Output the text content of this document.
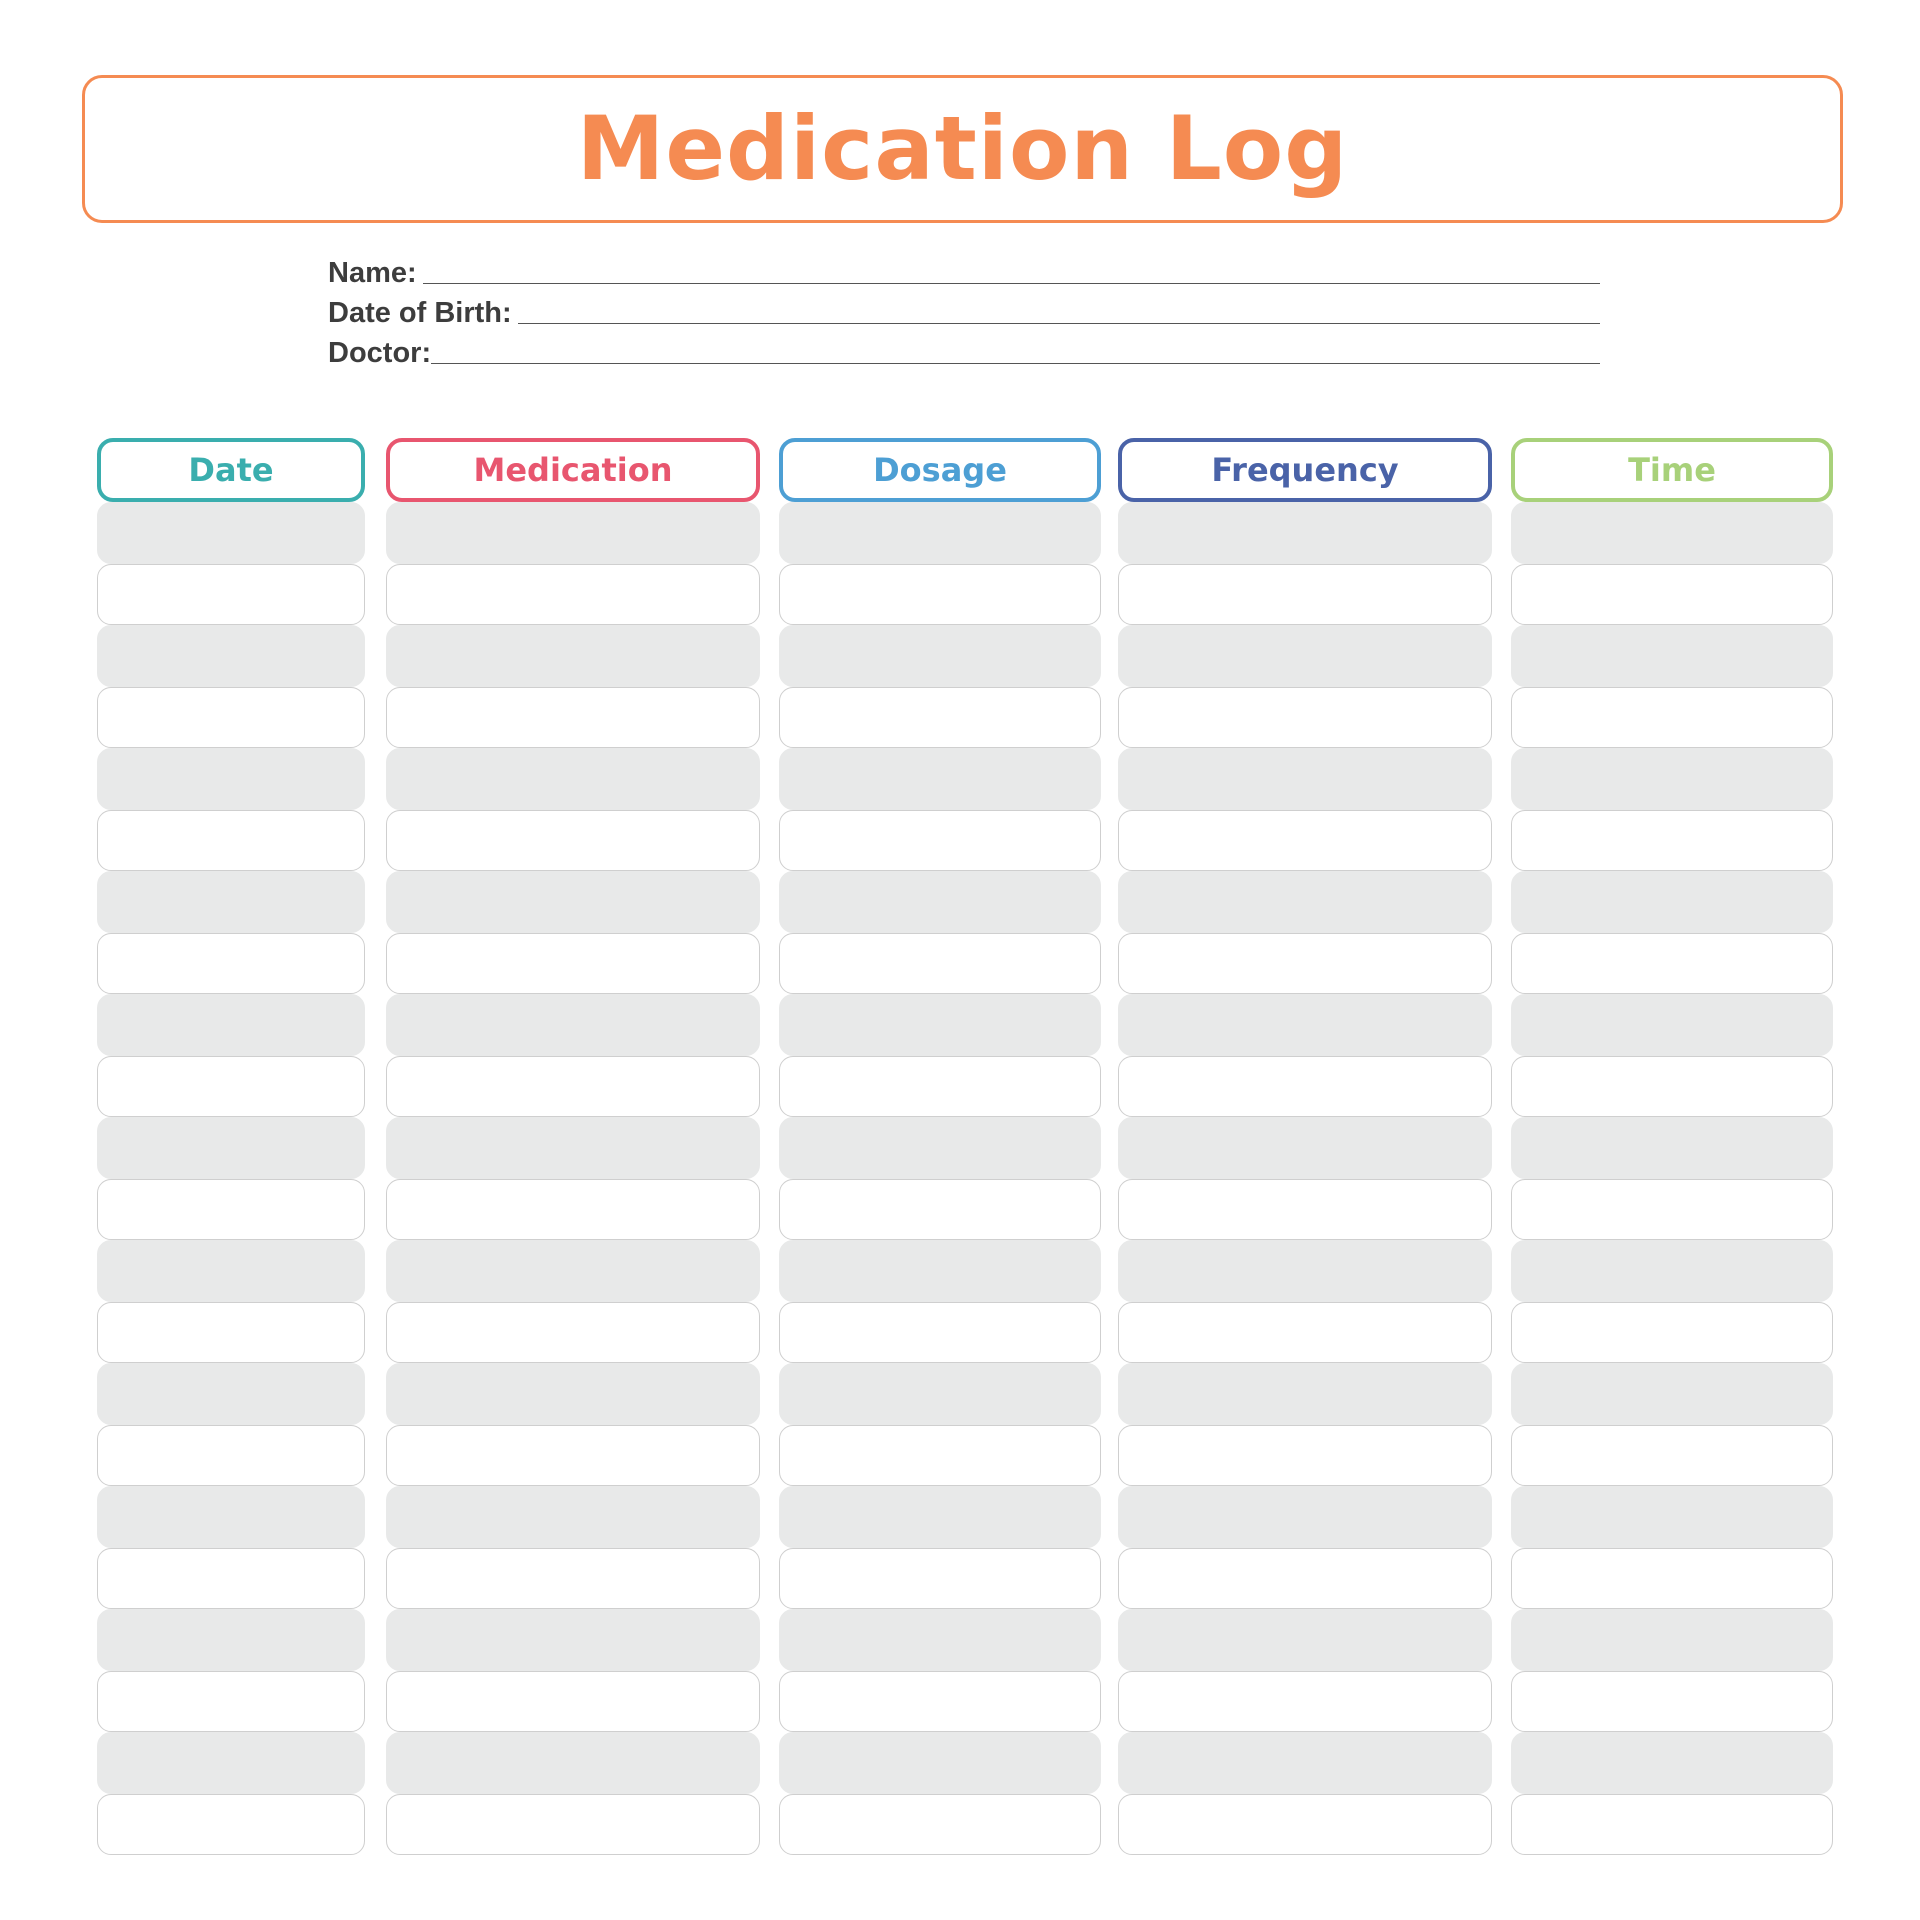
Medication Log
Name:
Date of Birth:
Doctor:
Date	Medication	Dosage	Frequency	Time
